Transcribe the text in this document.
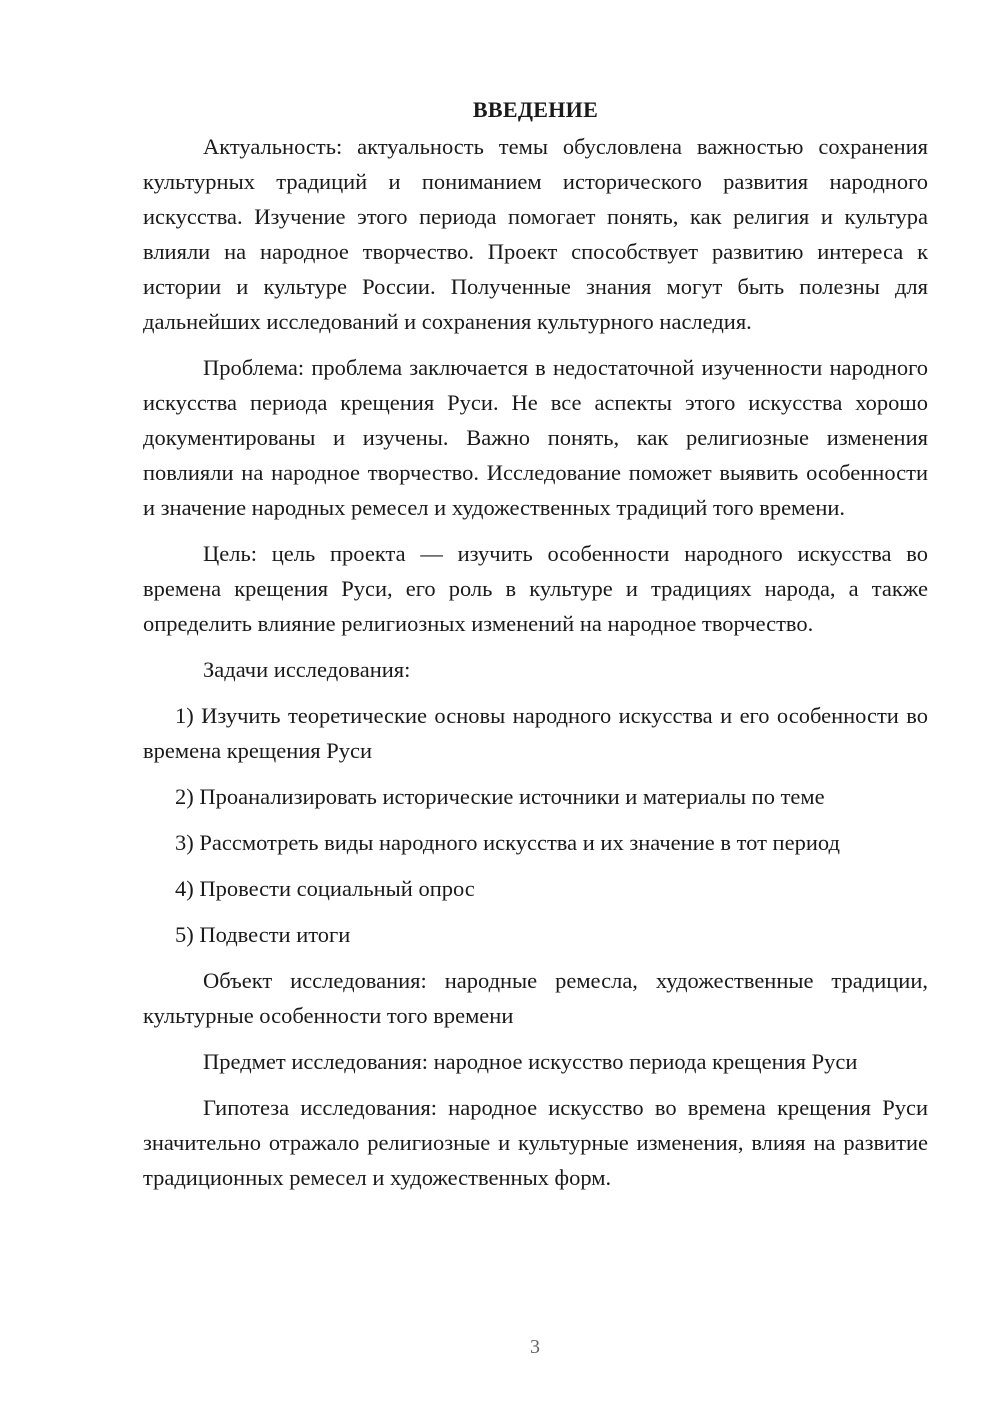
ВВЕДЕНИЕ

Актуальность: актуальность темы обусловлена важностью сохранения культурных традиций и пониманием исторического развития народного искусства. Изучение этого периода помогает понять, как религия и культура влияли на народное творчество. Проект способствует развитию интереса к истории и культуре России. Полученные знания могут быть полезны для дальнейших исследований и сохранения культурного наследия.

Проблема: проблема заключается в недостаточной изученности народного искусства периода крещения Руси. Не все аспекты этого искусства хорошо документированы и изучены. Важно понять, как религиозные изменения повлияли на народное творчество. Исследование поможет выявить особенности и значение народных ремесел и художественных традиций того времени.

Цель: цель проекта — изучить особенности народного искусства во времена крещения Руси, его роль в культуре и традициях народа, а также определить влияние религиозных изменений на народное творчество.

Задачи исследования:

1) Изучить теоретические основы народного искусства и его особенности во времена крещения Руси

2) Проанализировать исторические источники и материалы по теме

3) Рассмотреть виды народного искусства и их значение в тот период

4) Провести социальный опрос

5) Подвести итоги

Объект исследования: народные ремесла, художественные традиции, культурные особенности того времени

Предмет исследования: народное искусство периода крещения Руси

Гипотеза исследования: народное искусство во времена крещения Руси значительно отражало религиозные и культурные изменения, влияя на развитие традиционных ремесел и художественных форм.

3
